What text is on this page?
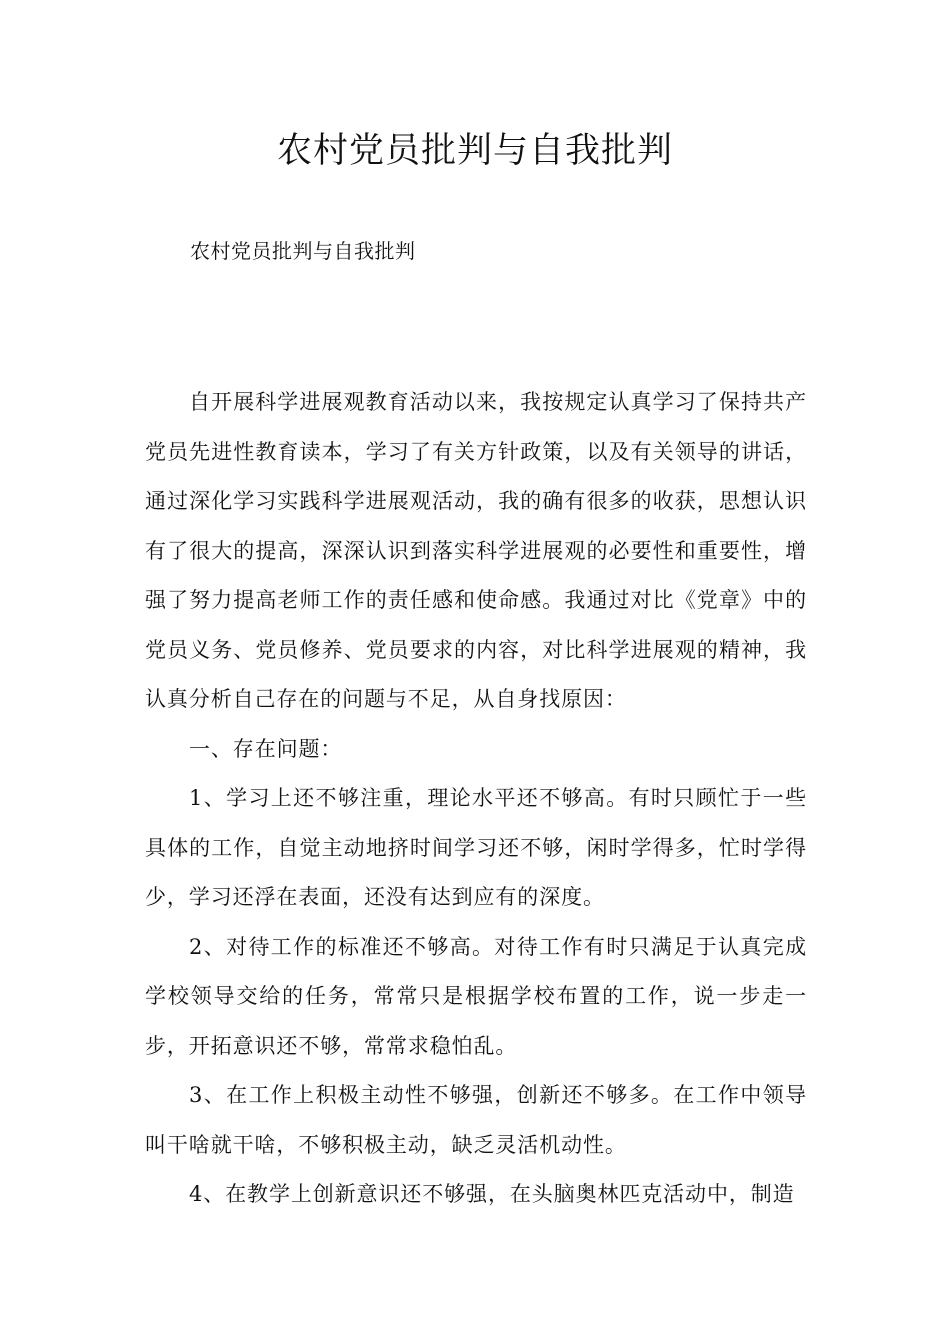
农村党员批判与自我批判

农村党员批判与自我批判

自开展科学进展观教育活动以来，我按规定认真学习了保持共产党员先进性教育读本，学习了有关方针政策，以及有关领导的讲话，通过深化学习实践科学进展观活动，我的确有很多的收获，思想认识有了很大的提高，深深认识到落实科学进展观的必要性和重要性，增强了努力提高老师工作的责任感和使命感。我通过对比《党章》中的党员义务、党员修养、党员要求的内容，对比科学进展观的精神，我认真分析自己存在的问题与不足，从自身找原因：

一、存在问题：

1、学习上还不够注重，理论水平还不够高。有时只顾忙于一些具体的工作，自觉主动地挤时间学习还不够，闲时学得多，忙时学得少，学习还浮在表面，还没有达到应有的深度。

2、对待工作的标准还不够高。对待工作有时只满足于认真完成学校领导交给的任务，常常只是根据学校布置的工作，说一步走一步，开拓意识还不够，常常求稳怕乱。

3、在工作上积极主动性不够强，创新还不够多。在工作中领导叫干啥就干啥，不够积极主动，缺乏灵活机动性。

4、在教学上创新意识还不够强，在头脑奥林匹克活动中，制造
